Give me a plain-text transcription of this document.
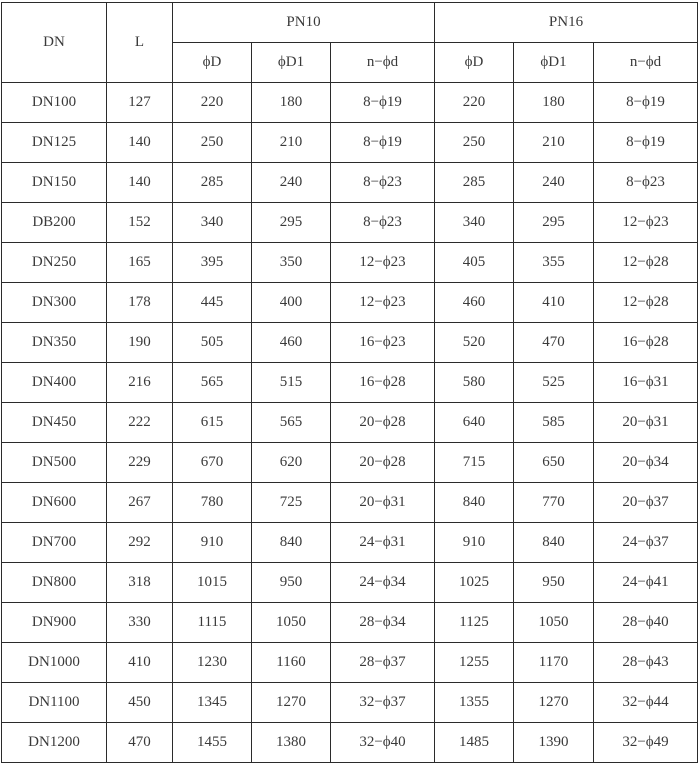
DN	L	PN10			PN16		
		ϕD	ϕD1	n−ϕd	ϕD	ϕD1	n−ϕd
DN100	127	220	180	8−ϕ19	220	180	8−ϕ19
DN125	140	250	210	8−ϕ19	250	210	8−ϕ19
DN150	140	285	240	8−ϕ23	285	240	8−ϕ23
DB200	152	340	295	8−ϕ23	340	295	12−ϕ23
DN250	165	395	350	12−ϕ23	405	355	12−ϕ28
DN300	178	445	400	12−ϕ23	460	410	12−ϕ28
DN350	190	505	460	16−ϕ23	520	470	16−ϕ28
DN400	216	565	515	16−ϕ28	580	525	16−ϕ31
DN450	222	615	565	20−ϕ28	640	585	20−ϕ31
DN500	229	670	620	20−ϕ28	715	650	20−ϕ34
DN600	267	780	725	20−ϕ31	840	770	20−ϕ37
DN700	292	910	840	24−ϕ31	910	840	24−ϕ37
DN800	318	1015	950	24−ϕ34	1025	950	24−ϕ41
DN900	330	1115	1050	28−ϕ34	1125	1050	28−ϕ40
DN1000	410	1230	1160	28−ϕ37	1255	1170	28−ϕ43
DN1100	450	1345	1270	32−ϕ37	1355	1270	32−ϕ44
DN1200	470	1455	1380	32−ϕ40	1485	1390	32−ϕ49
